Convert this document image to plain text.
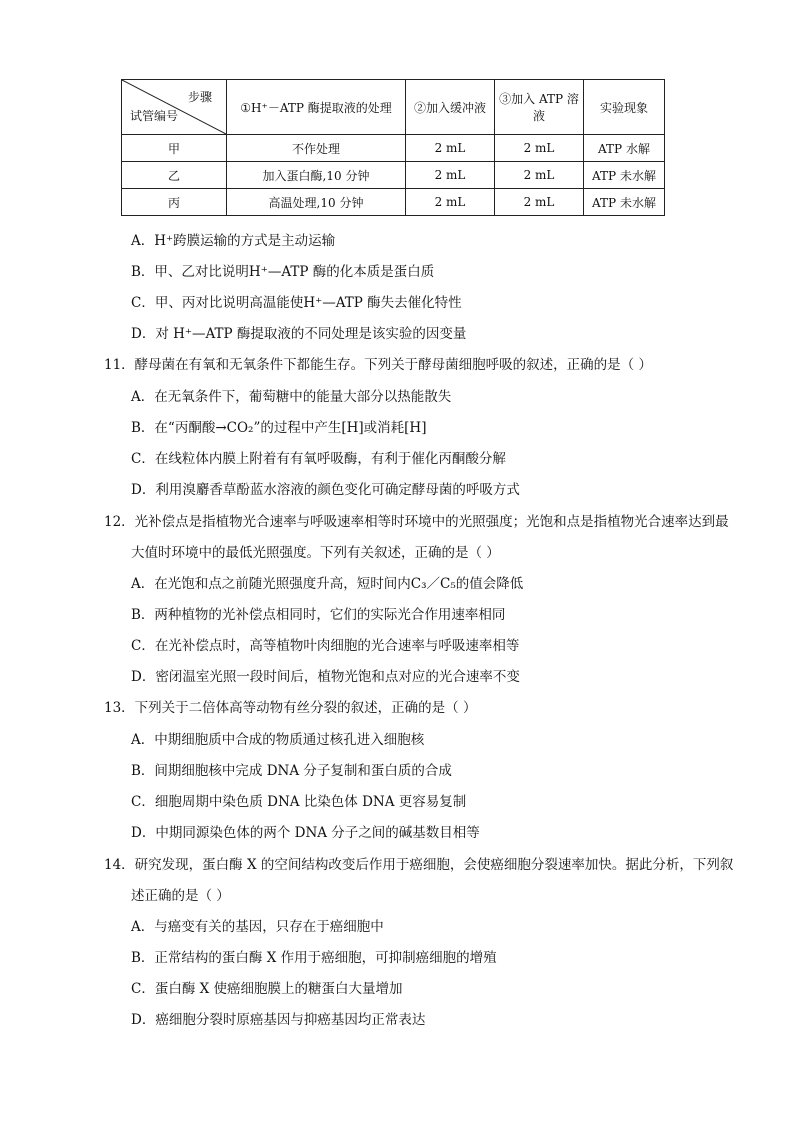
步骤
试管编号	①H⁺－ATP 酶提取液的处理	②加入缓冲液	③加入 ATP 溶液	实验现象
甲	不作处理	2 mL	2 mL	ATP 水解
乙	加入蛋白酶,10 分钟	2 mL	2 mL	ATP 未水解
丙	高温处理,10 分钟	2 mL	2 mL	ATP 未水解
A．H⁺跨膜运输的方式是主动运输
B．甲、乙对比说明H⁺—ATP 酶的化本质是蛋白质
C．甲、丙对比说明高温能使H⁺—ATP 酶失去催化特性
D．对 H⁺—ATP 酶提取液的不同处理是该实验的因变量
11．酵母菌在有氧和无氧条件下都能生存。下列关于酵母菌细胞呼吸的叙述，正确的是（ ）
A．在无氧条件下，葡萄糖中的能量大部分以热能散失
B．在“丙酮酸→CO₂”的过程中产生[H]或消耗[H]
C．在线粒体内膜上附着有有氧呼吸酶，有利于催化丙酮酸分解
D．利用溴麝香草酚蓝水溶液的颜色变化可确定酵母菌的呼吸方式
12．光补偿点是指植物光合速率与呼吸速率相等时环境中的光照强度；光饱和点是指植物光合速率达到最
大值时环境中的最低光照强度。下列有关叙述，正确的是（ ）
A．在光饱和点之前随光照强度升高，短时间内C₃／C₅的值会降低
B．两种植物的光补偿点相同时，它们的实际光合作用速率相同
C．在光补偿点时，高等植物叶肉细胞的光合速率与呼吸速率相等
D．密闭温室光照一段时间后，植物光饱和点对应的光合速率不变
13．下列关于二倍体高等动物有丝分裂的叙述，正确的是（ ）
A．中期细胞质中合成的物质通过核孔进入细胞核
B．间期细胞核中完成 DNA 分子复制和蛋白质的合成
C．细胞周期中染色质 DNA 比染色体 DNA 更容易复制
D．中期同源染色体的两个 DNA 分子之间的碱基数目相等
14．研究发现，蛋白酶 X 的空间结构改变后作用于癌细胞，会使癌细胞分裂速率加快。据此分析，下列叙
述正确的是（ ）
A．与癌变有关的基因，只存在于癌细胞中
B．正常结构的蛋白酶 X 作用于癌细胞，可抑制癌细胞的增殖
C．蛋白酶 X 使癌细胞膜上的糖蛋白大量增加
D．癌细胞分裂时原癌基因与抑癌基因均正常表达
